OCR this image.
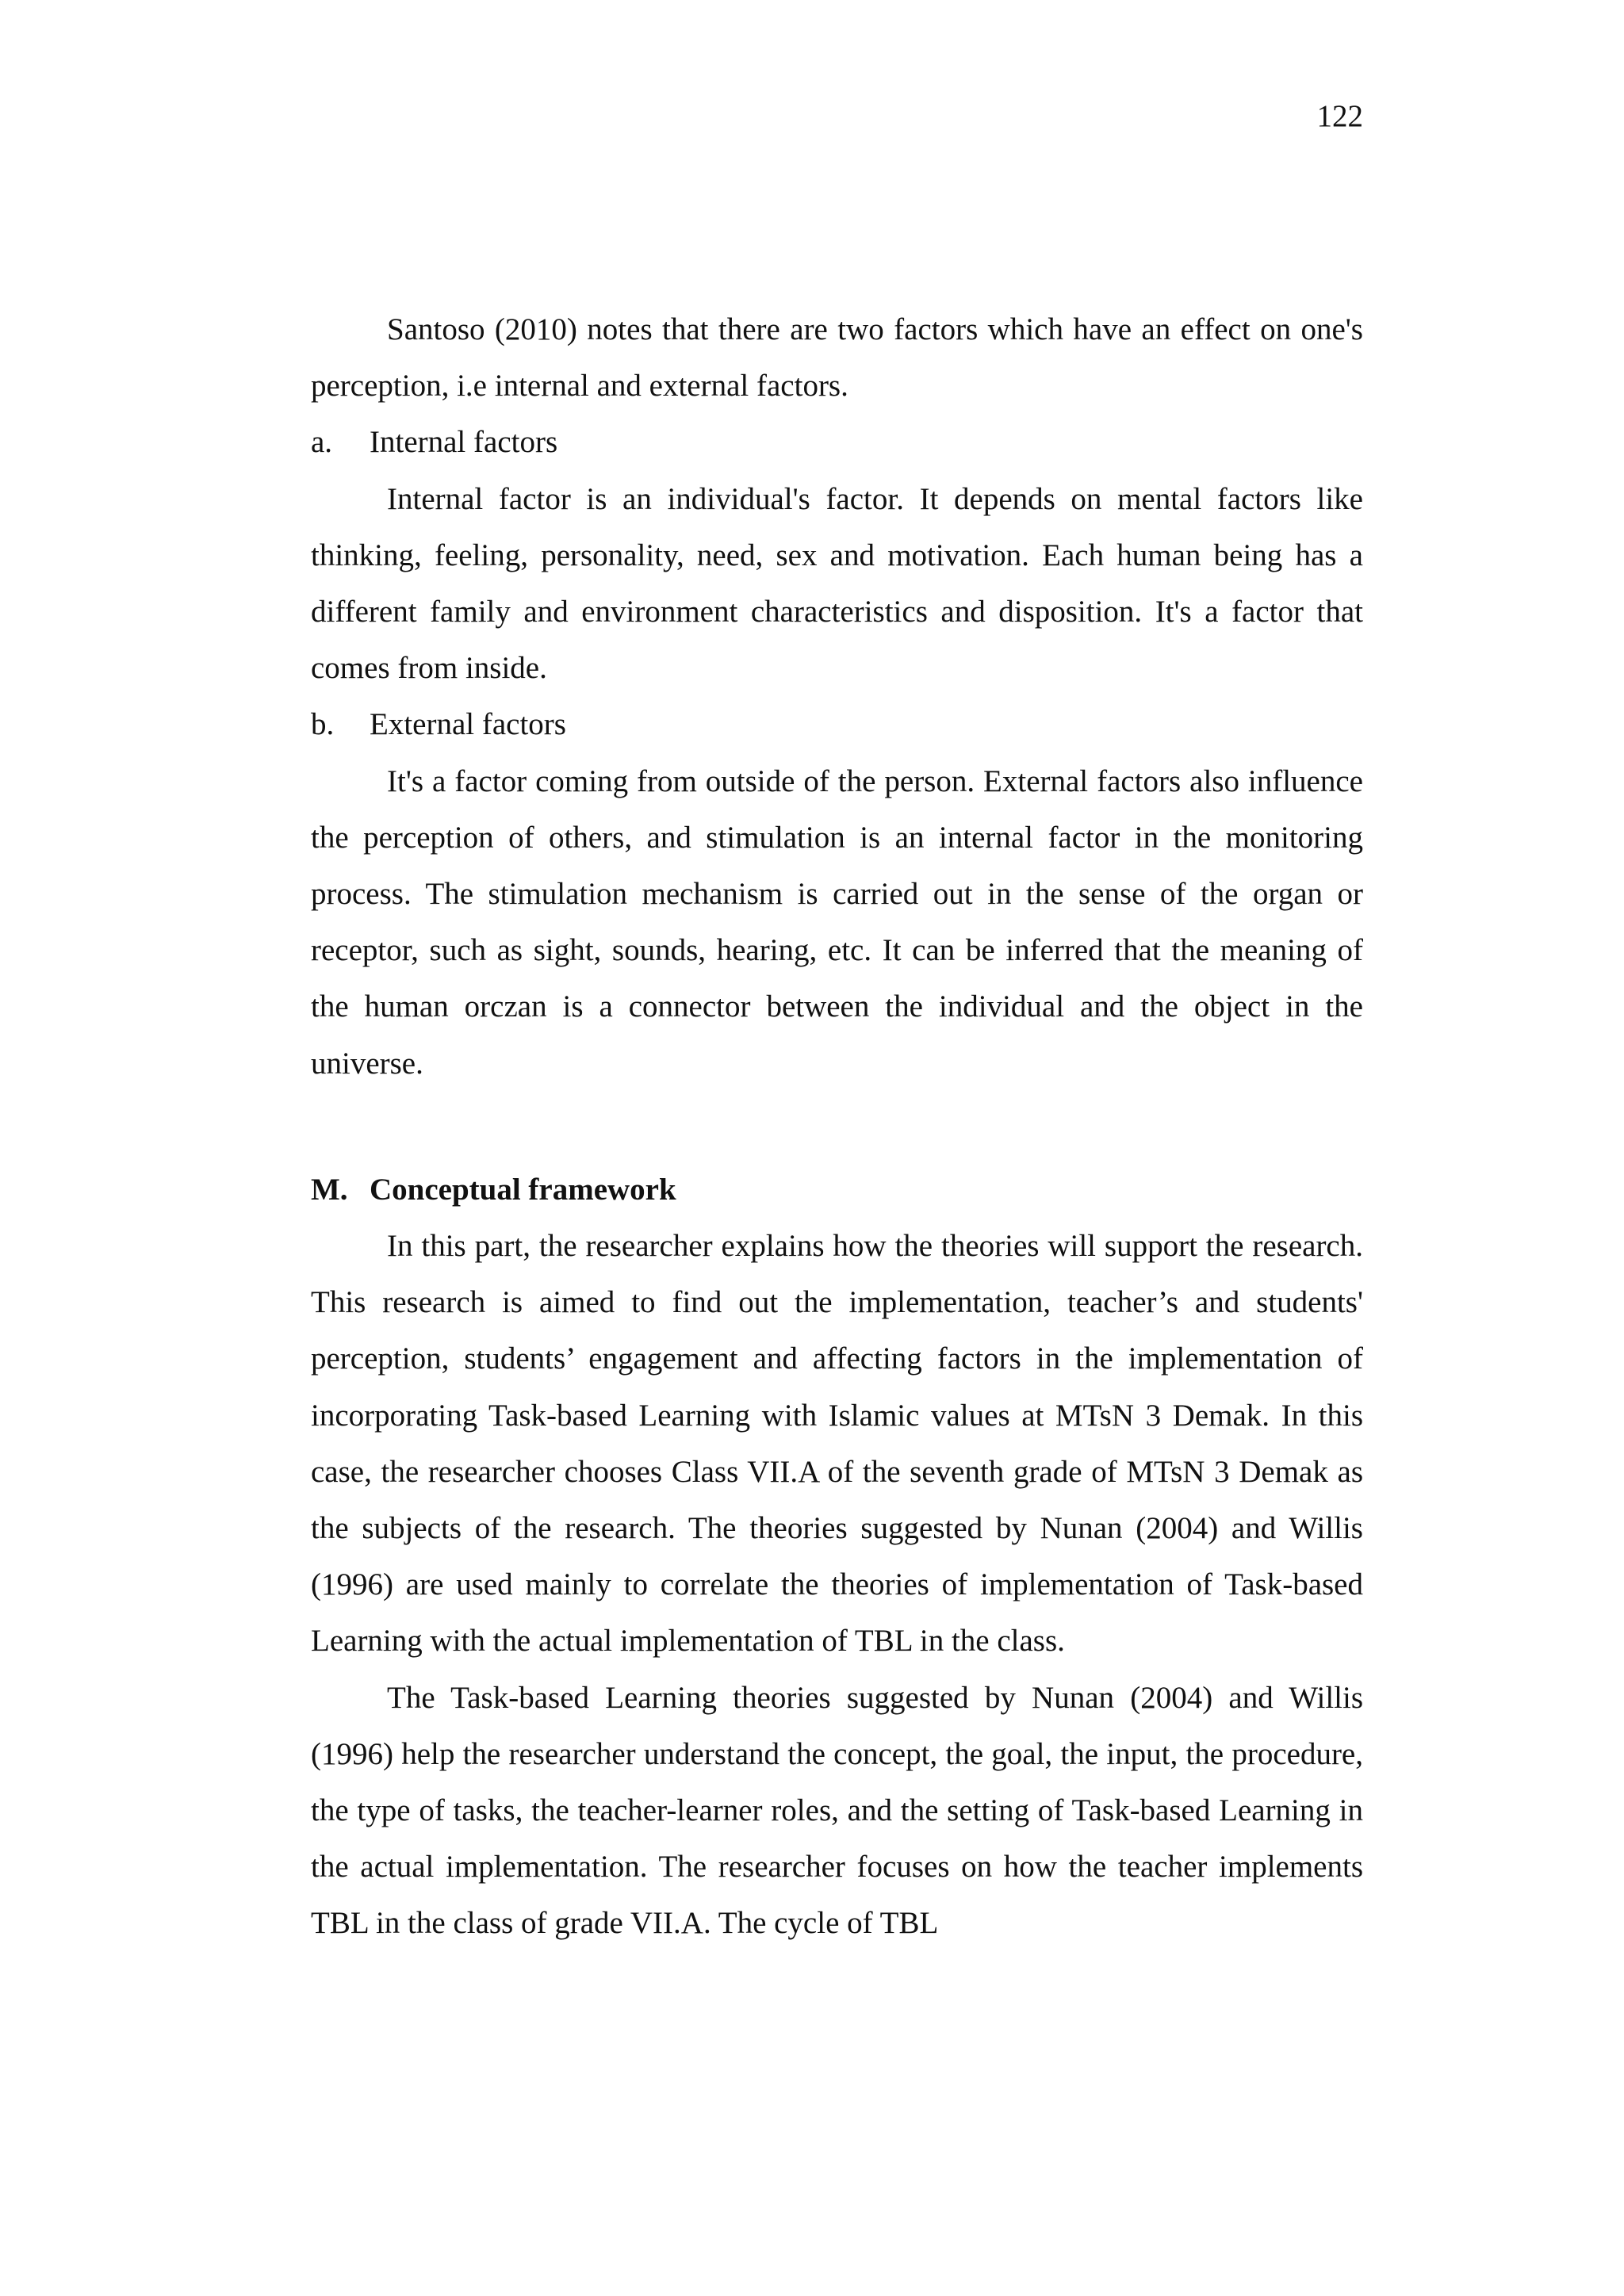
122

Santoso (2010) notes that there are two factors which have an effect on one's perception, i.e internal and external factors.

a.	Internal factors

Internal factor is an individual's factor. It depends on mental factors like thinking, feeling, personality, need, sex and motivation. Each human being has a different family and environment characteristics and disposition. It's a factor that comes from inside.

b.	External factors

It's a factor coming from outside of the person. External factors also influence the perception of others, and stimulation is an internal factor in the monitoring process. The stimulation mechanism is carried out in the sense of the organ or receptor, such as sight, sounds, hearing, etc. It can be inferred that the meaning of the human orczan is a connector between the individual and the object in the universe.

M. Conceptual framework

In this part, the researcher explains how the theories will support the research. This research is aimed to find out the implementation, teacher’s and students' perception, students’ engagement and affecting factors in the implementation of incorporating Task-based Learning with Islamic values at MTsN 3 Demak. In this case, the researcher chooses Class VII.A of the seventh grade of MTsN 3 Demak as the subjects of the research. The theories suggested by Nunan (2004) and Willis (1996) are used mainly to correlate the theories of implementation of Task-based Learning with the actual implementation of TBL in the class.

The Task-based Learning theories suggested by Nunan (2004) and Willis (1996) help the researcher understand the concept, the goal, the input, the procedure, the type of tasks, the teacher-learner roles, and the setting of Task-based Learning in the actual implementation. The researcher focuses on how the teacher implements TBL in the class of grade VII.A. The cycle of TBL
